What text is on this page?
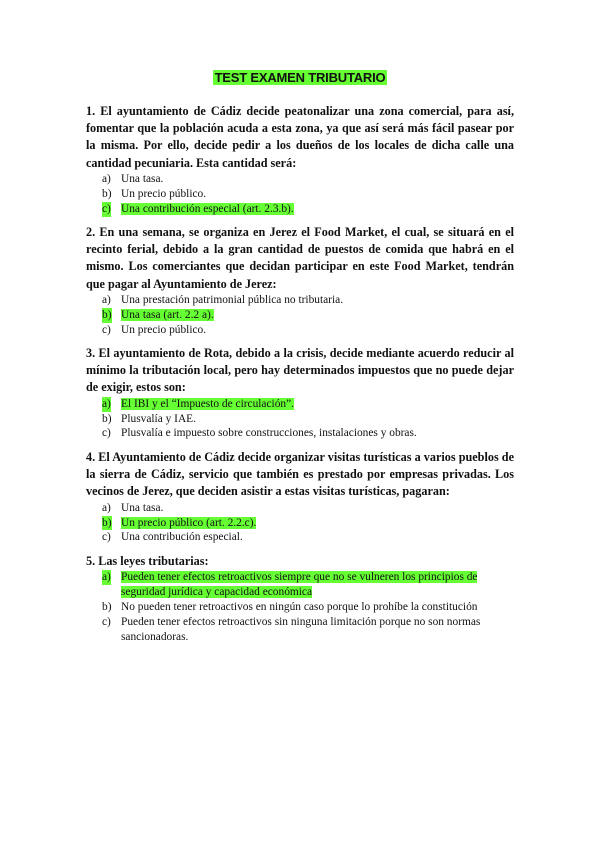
TEST EXAMEN TRIBUTARIO

1. El ayuntamiento de Cádiz decide peatonalizar una zona comercial, para así, fomentar que la población acuda a esta zona, ya que así será más fácil pasear por la misma. Por ello, decide pedir a los dueños de los locales de dicha calle una cantidad pecuniaria. Esta cantidad será:

a) Una tasa.
b) Un precio público.
c) Una contribución especial (art. 2.3.b).

2. En una semana, se organiza en Jerez el Food Market, el cual, se situará en el recinto ferial, debido a la gran cantidad de puestos de comida que habrá en el mismo. Los comerciantes que decidan participar en este Food Market, tendrán que pagar al Ayuntamiento de Jerez:

a) Una prestación patrimonial pública no tributaria.
b) Una tasa (art. 2.2 a).
c) Un precio público.

3. El ayuntamiento de Rota, debido a la crisis, decide mediante acuerdo reducir al mínimo la tributación local, pero hay determinados impuestos que no puede dejar de exigir, estos son:

a) El IBI y el “Impuesto de circulación”.
b) Plusvalía y IAE.
c) Plusvalía e impuesto sobre construcciones, instalaciones y obras.

4. El Ayuntamiento de Cádiz decide organizar visitas turísticas a varios pueblos de la sierra de Cádiz, servicio que también es prestado por empresas privadas. Los vecinos de Jerez, que deciden asistir a estas visitas turísticas, pagaran:

a) Una tasa.
b) Un precio público (art. 2.2.c).
c) Una contribución especial.

5. Las leyes tributarias:

a) Pueden tener efectos retroactivos siempre que no se vulneren los principios de seguridad jurídica y capacidad económica
b) No pueden tener retroactivos en ningún caso porque lo prohíbe la constitución
c) Pueden tener efectos retroactivos sin ninguna limitación porque no son normas sancionadoras.
